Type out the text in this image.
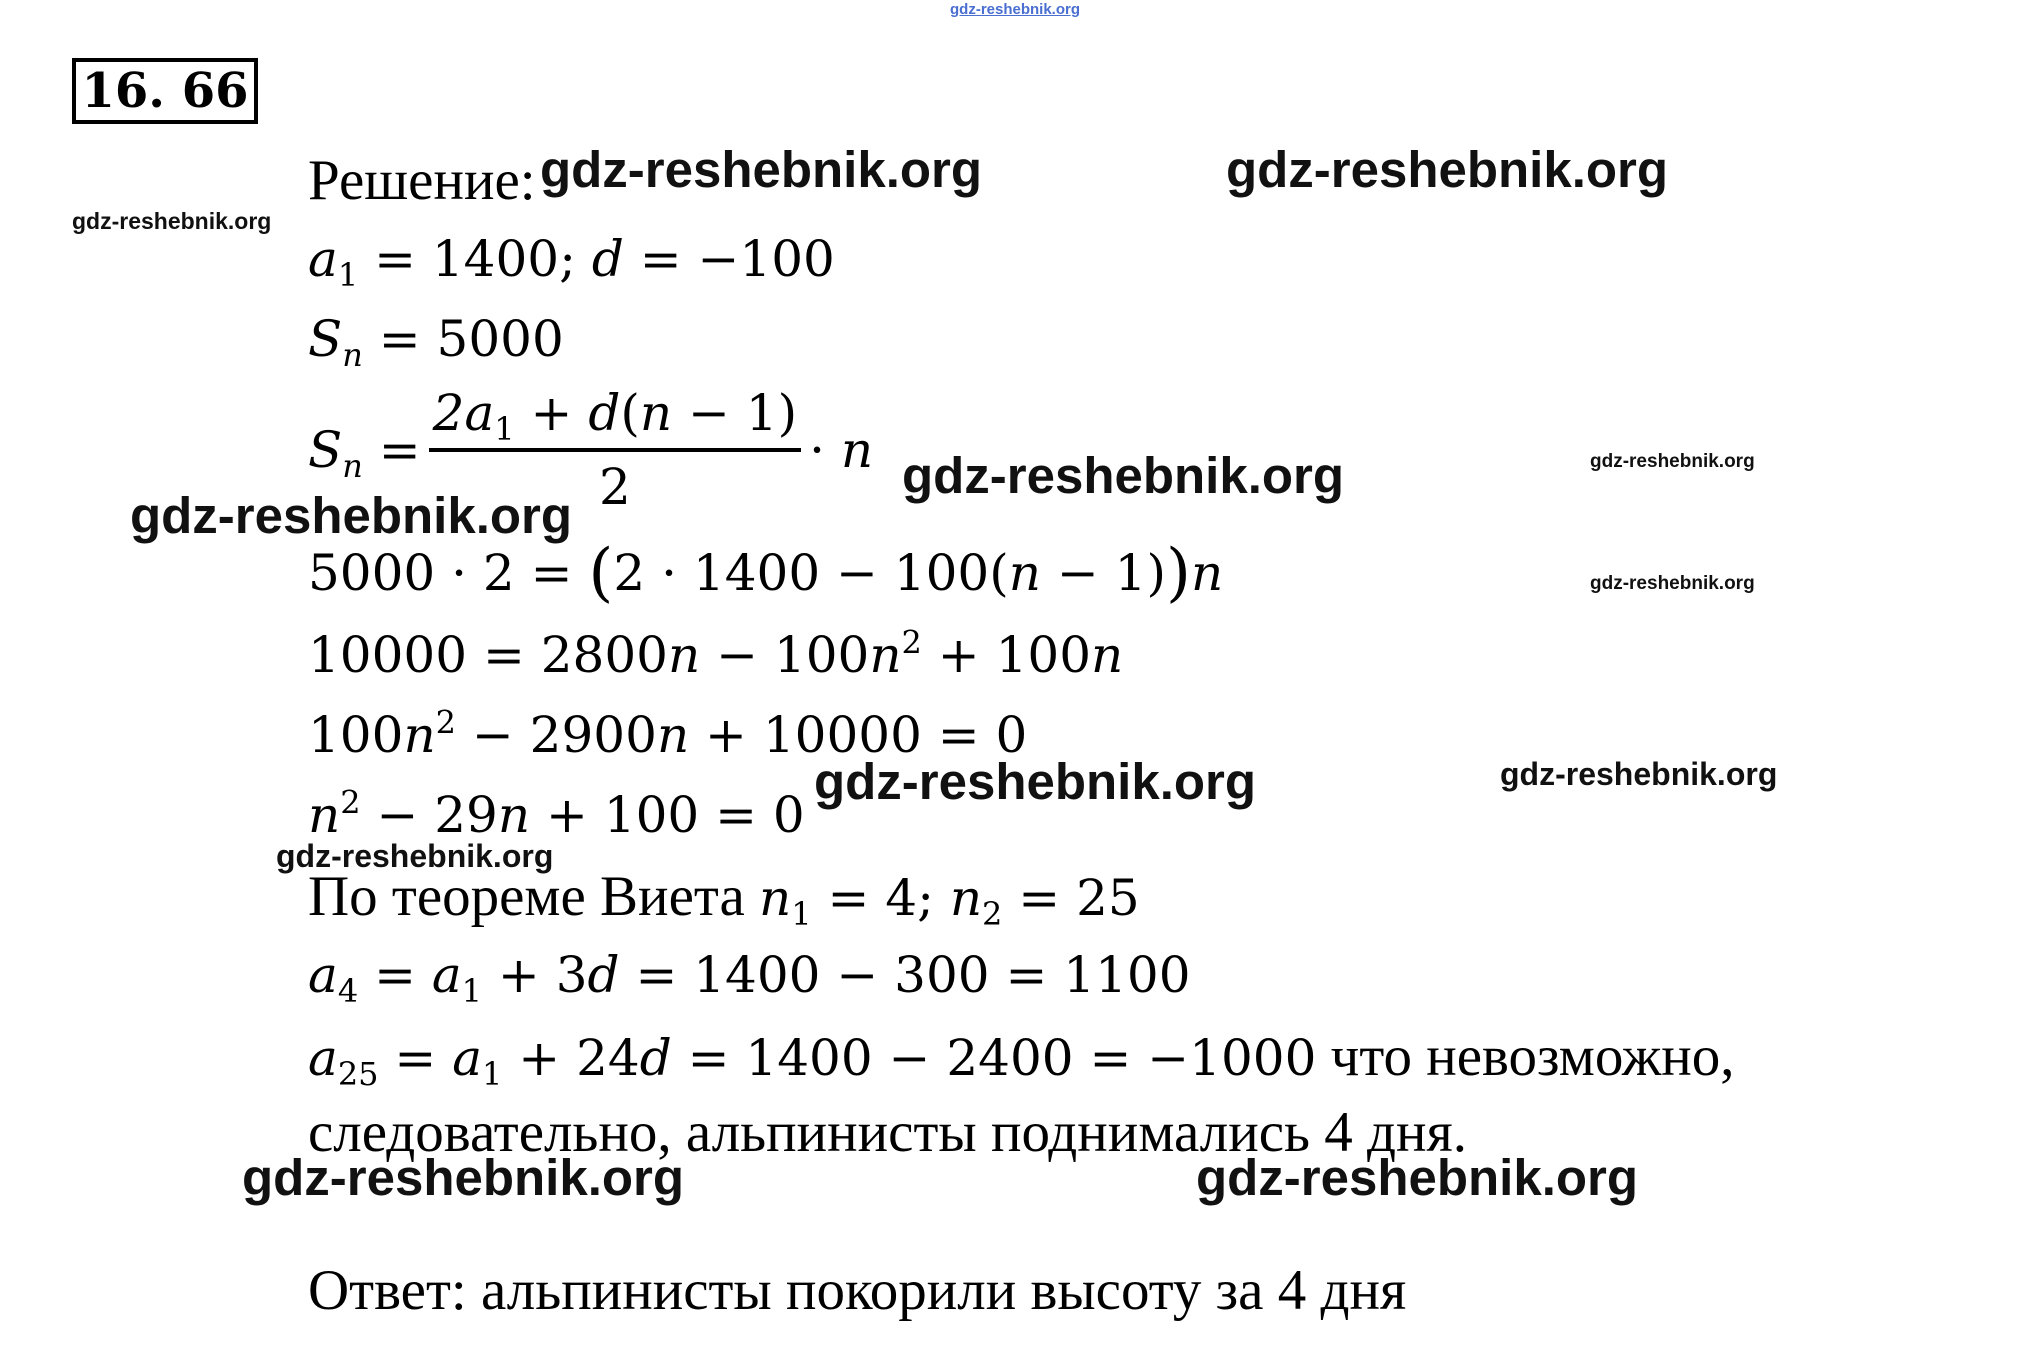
gdz-reshebnik.org
16. 66
Решение:
$a_1 = 1400$; d = −100
$S_n = 5000$
$S_n = \frac{2a_1 + d(n - 1)}{2} \cdot n$
5000 · 2 = (2 · 1400 − 100(n − 1))n
$10000 = 2800n - 100n^2 + 100n$
$100n^2 - 2900n + 10000 = 0$
$n^2 - 29n + 100 = 0$
По теореме Виета $n_1 = 4$; $n_2 = 25$
$a_4 = a_1 + 3d = 1400 - 300 = 1100$
$a_{25} = a_1 + 24d = 1400 - 2400 = -1000$ что невозможно,
следовательно, альпинисты поднимались 4 дня.
Ответ: альпинисты покорили высоту за 4 дня
gdz-reshebnik.org	gdz-reshebnik.org
gdz-reshebnik.org
gdz-reshebnik.org	gdz-reshebnik.org
gdz-reshebnik.org
gdz-reshebnik.org
gdz-reshebnik.org	gdz-reshebnik.org
gdz-reshebnik.org
gdz-reshebnik.org	gdz-reshebnik.org
